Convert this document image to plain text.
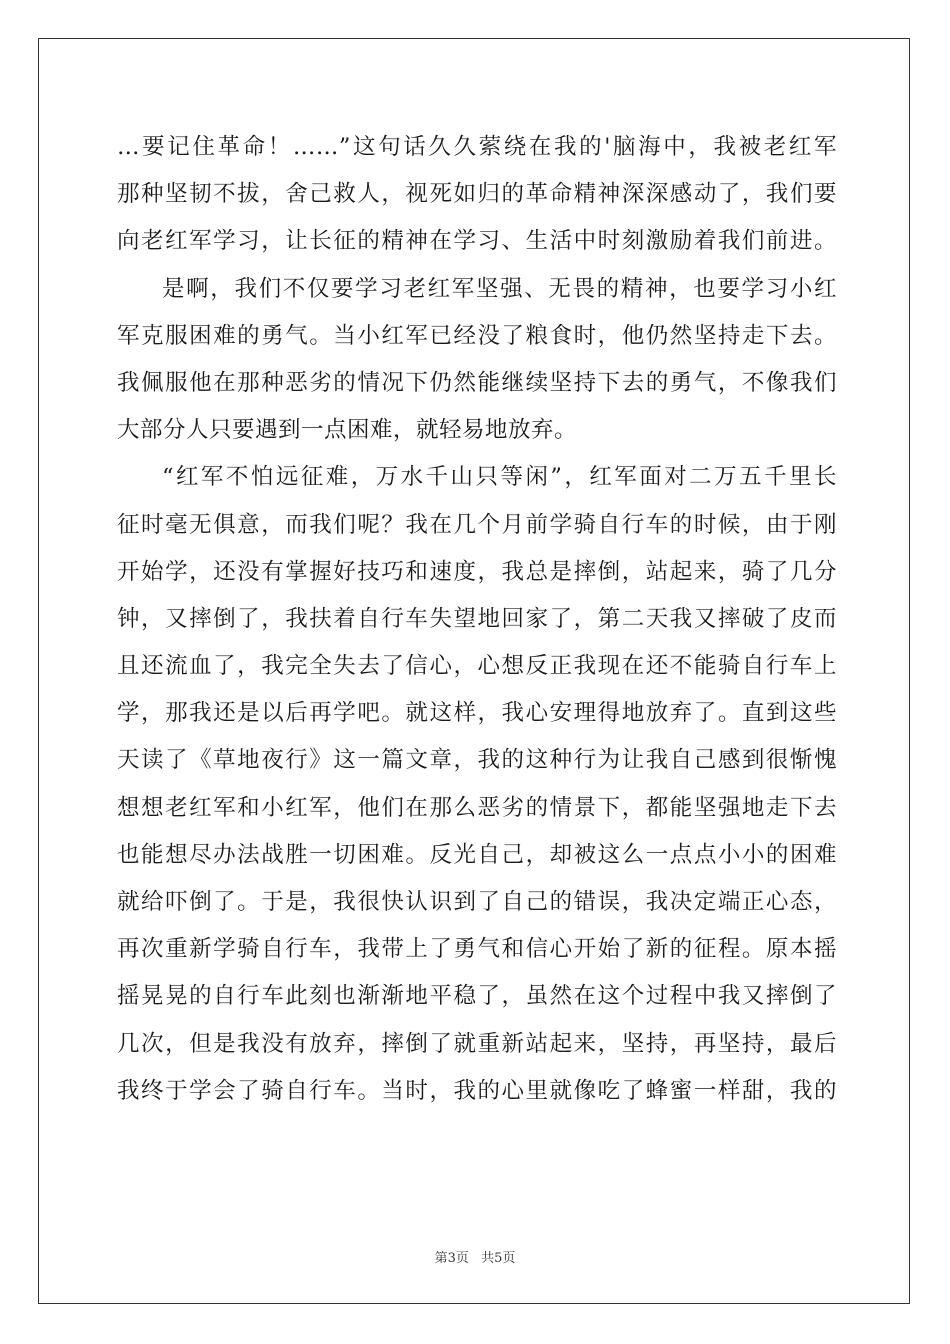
…要记住革命！……”这句话久久萦绕在我的'脑海中，我被老红军
那种坚韧不拔，舍己救人，视死如归的革命精神深深感动了，我们要
向老红军学习，让长征的精神在学习、生活中时刻激励着我们前进。
是啊，我们不仅要学习老红军坚强、无畏的精神，也要学习小红
军克服困难的勇气。当小红军已经没了粮食时，他仍然坚持走下去。
我佩服他在那种恶劣的情况下仍然能继续坚持下去的勇气，不像我们
大部分人只要遇到一点困难，就轻易地放弃。
“红军不怕远征难，万水千山只等闲”，红军面对二万五千里长
征时毫无俱意，而我们呢？我在几个月前学骑自行车的时候，由于刚
开始学，还没有掌握好技巧和速度，我总是摔倒，站起来，骑了几分
钟，又摔倒了，我扶着自行车失望地回家了，第二天我又摔破了皮而
且还流血了，我完全失去了信心，心想反正我现在还不能骑自行车上
学，那我还是以后再学吧。就这样，我心安理得地放弃了。直到这些
天读了《草地夜行》这一篇文章，我的这种行为让我自己感到很惭愧
想想老红军和小红军，他们在那么恶劣的情景下，都能坚强地走下去
也能想尽办法战胜一切困难。反光自己，却被这么一点点小小的困难
就给吓倒了。于是，我很快认识到了自己的错误，我决定端正心态，
再次重新学骑自行车，我带上了勇气和信心开始了新的征程。原本摇
摇晃晃的自行车此刻也渐渐地平稳了，虽然在这个过程中我又摔倒了
几次，但是我没有放弃，摔倒了就重新站起来，坚持，再坚持，最后
我终于学会了骑自行车。当时，我的心里就像吃了蜂蜜一样甜，我的
第3页 共5页
